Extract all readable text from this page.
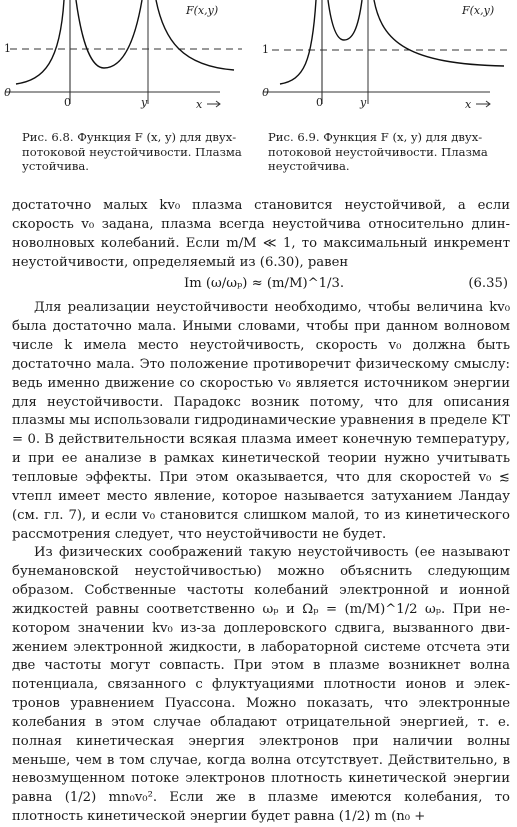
F(x,y)
1
0
0	y	x
F(x,y)
1
0
0	y	x
Рис. 6.8. Функция F (x, y) для двухпотоковой неустойчивости. Плазма устойчива.
Рис. 6.9. Функция F (x, y) для двухпотоковой неустойчивости. Плазма неустойчива.

достаточно малых kv₀ плазма становится неустойчивой, а если скорость v₀ задана, плазма всегда неустойчива относительно длинноволновых колебаний. Если m/M ≪ 1, то максимальный инкремент неустойчивости, определяемый из (6.30), равен

Im (ω/ωₚ) ≈ (m/M)^1/3.	(6.35)

Для реализации неустойчивости необходимо, чтобы величина kv₀ была достаточно мала. Иными словами, чтобы при данном волновом числе k имела место неустойчивость, скорость v₀ должна быть достаточно мала. Это положение противоречит физическому смыслу: ведь именно движение со скоростью v₀ является источником энергии для неустойчивости. Парадокс возник потому, что для описания плазмы мы использовали гидродинамические уравнения в пределе KT = 0. В действительности всякая плазма имеет конечную температуру, и при ее анализе в рамках кинетической теории нужно учитывать тепловые эффекты. При этом оказывается, что для скоростей v₀ ≲ vтепл имеет место явление, которое называется затуханием Ландау (см. гл. 7), и если v₀ становится слишком малой, то из кинетического рассмотрения следует, что неустойчивости не будет.

Из физических соображений такую неустойчивость (ее называют бунемановской неустойчивостью) можно объяснить следующим образом. Собственные частоты колебаний электронной и ионной жидкостей равны соответственно ωₚ и Ωₚ = (m/M)^1/2 ωₚ. При некотором значении kv₀ из-за доплеровского сдвига, вызванного движением электронной жидкости, в лабораторной системе отсчета эти две частоты могут совпасть. При этом в плазме возникнет волна потенциала, связанного с флуктуациями плотности ионов и электронов уравнением Пуассона. Можно показать, что электронные колебания в этом случае обладают отрицательной энергией, т. е. полная кинетическая энергия электронов при наличии волны меньше, чем в том случае, когда волна отсутствует. Действительно, в невозмущенном потоке электронов плотность кинетической энергии равна (1/2) mn₀v₀². Если же в плазме имеются колебания, то плотность кинетической энергии будет равна (1/2) m (n₀ +
